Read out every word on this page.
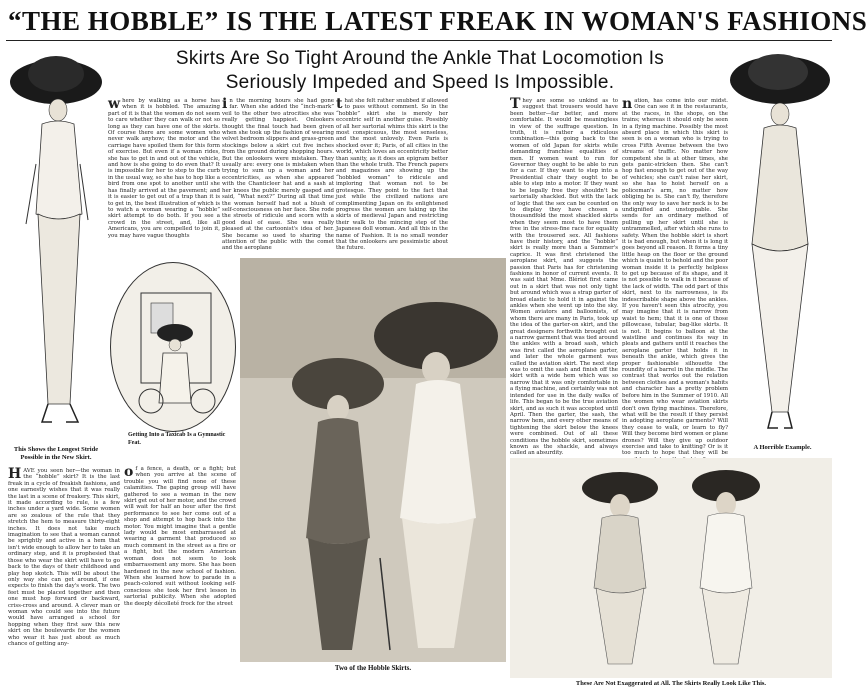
“THE HOBBLE” IS THE LATEST FREAK IN WOMAN'S FASHIONS
Skirts Are So Tight Around the Ankle That Locomotion Is
Seriously Impeded and Speed Is Impossible.
This Shows the Longest Stride Possible in the New Skirt.
A Horrible Example.

where by walking as a horse has when it is hobbled. The amazing part of it is that the women do not seem to care whether they can walk or not so long as they can have one of the skirts. Of course there are some women who never walk anyhow; the motor and the carriage have spoiled them for this form of exercise. But even if a woman rides, she has to get in and out of the vehicle, and how is she going to do even that? It is impossible for her to step to the curb in the usual way, so she has to hop like a bird from one spot to another until she has finally arrived at the pavement; and it is easier to get out of a trap than it is to get in, the best illustration of which is to watch a woman wearing a “hobble” skirt attempt to do both. If you see a crowd in the street, and, like all Americans, you are compelled to join it, you may have vague thoughts

in the morning hours she had gone far. When she added the “inch-mark” veil to the other two atrocities she was really getting happiest. Onlookers thought the final touch had been given when she took up the fashion of wearing velvet bedroom slippers and grass-green stockings below a skirt cut five inches from the ground during shopping hours. But the onlookers were mistaken. They usually are: every one is mistaken when trying to sum up a woman and her eccentricities, as when she appeared with the Chanticleer hat and a sash at her knees the public merely gasped and said, “What next?” During all that time the woman herself had not a blush of self-consciousness on her face. She rode the streets of ridicule and scorn with a good deal of ease. She was really pleased at the cartoonist's idea of her. She became so used to sharing the attention of the public with the comet and the aeroplane

that she felt rather snubbed if allowed to pass without comment. So in the “hobble” skirt she is merely her eccentric self in another guise. Possibly of all her sartorial whims this skirt is the most conspicuous, the most senseless, and the most unlovely. Even Paris is shocked over it; Paris, of all cities in the world, which loves an eccentricity better than sanity, as it does an epigram better than the whole truth. The French papers and magazines are showing up the “hobbled woman” to ridicule and imploring that woman not to be grotesque. They point to the fact that just while the civilized nations are complimenting Japan on its enlightened progress the women are taking up the skirts of medieval Japan and restricting their walk to the mincing step of the Japanese doll woman. And all this in the name of Fashion. It is no small wonder that the onlookers are pessimistic about the future.

They are some so unkind as to suggest that trousers would have been better—far better, and more comfortable. It would be meaningless in view of the suffrage question. In truth, it is rather a ridiculous combination—this going back to the women of old Japan for skirts while demanding franchise equalities of men. If women want to run for Governor they ought to be able to run for a car. If they want to step into a Presidential chair they ought to be able to step into a motor. If they want to be legally free they shouldn't be sartorially shackled. But with the lack of logic that the sex can be counted on to display they have chosen a thousandfold the most shackled skirts when they seem most to have them free in the stress-fine race for equality with the trousered sex. All fashions have their history, and the “hobble” skirt is really more than a Summer's caprice. It was first christened the aeroplane skirt, and suggests the passion that Paris has for christening fashions in honor of current events. It was said that Mme. Blériot first came out in a skirt that was not only tight but around which was a strap garter of broad elastic to hold it in against the ankles when she went up into the sky. Women aviators and balloonists, of whom there are many in Paris, took up the idea of the garter-on skirt, and the great designers forthwith brought out a narrow garment that was tied around the ankles with a broad sash, which was first called the aeroplane garter, and later the whole garment was called the aviation skirt. The next step was to omit the sash and finish off the skirt with a wide hem which was so narrow that it was only comfortable in a flying machine, and certainly was not intended for use in the daily walks of life. This began to be the true aviation skirt, and as such it was accepted until April. Then the garter, the sash, the narrow hem, and every other means of tightening the skirt below the knees were combined. Out of all these conditions the hobble skirt, sometimes known as the shackle, and always called an absurdity.

nation, has come into our midst. One can see it in the restaurants, at the races, in the shops, on the trains; whereas it should only be seen in a flying machine. Possibly the most absurd place in which this skirt is seen is on a woman who is trying to cross Fifth Avenue between the two streams of traffic. No matter how competent she is at other times, she gets panic-stricken then. She can't hop fast enough to get out of the way of vehicles; she can't raise her skirt, so she has to hoist herself on a policeman's arm, no matter how obliging he is. She can't fly, therefore the only way to save her neck is to be undignified and unstoppable. She sends for an ordinary method of pulling up her skirt until she is untrammelled, after which she runs to safety. When the hobble skirt is short it is bad enough, but when it is long it goes beyond all reason. It forms a tiny little heap on the floor or the ground which is quaint to behold and the poor woman inside it is perfectly helpless to get up because of its shape, and it is not possible to walk in it because of the lack of width. The odd part of this skirt, next to its narrowness, is its indescribable shape above the ankles. If you haven't seen this atrocity, you may imagine that it is narrow from waist to hem; that it is one of those pillowcase, tubular, bag-like skirts. It is not. It begins to balloon at the waistline and continues its way in pleats and gathers until it reaches the aeroplane garter that holds it in beneath the ankle, which gives the proper fashionable silhouette the roundity of a barrel in the middle. The contrast that works out the relation between clothes and a woman's habits and character has a pretty problem before him in the Summer of 1910. All the women who wear aviation skirts don't own flying machines. Therefore, what will be the result if they persist in adopting aeroplane garments? Will they cease to walk, or learn to fly? Will they become bird women or plane drones? Will they give up outdoor exercise and take to knitting? Or is it too much to hope that they will be

Getting Into a Taxicab Is a Gymnastic Feat.
Two of the Hobble Skirts.

HAVE you seen her—the woman in the “hobble” skirt? It is the last freak in a cycle of freakish fashions, and one earnestly wishes that it was really the last in a scene of freakery. This skirt, it made according to rule, is a few inches under a yard wide. Some women are so zealous of the rule that they stretch the hem to measure thirty-eight inches. It does not take much imagination to see that a woman cannot be sprightly and active in a hem that isn't wide enough to allow her to take an ordinary step, and it is prophesied that those who wear the skirt will have to go back to the days of their childhood and play hop skotch. This will be about the only way she can get around, if one expects to finish the day's work. The two feet must be placed together and then one must hop forward or backward, criss-cross and around. A clever man or woman who could see into the future would have arranged a school for hopping when they first saw this new skirt on the boulevards for the women who wear it has just about as much chance of getting any-

of a fence, a death, or a fight; but when you arrive at the scene of trouble you will find none of these calamities. The gaping group will have gathered to see a woman in the new skirt get out of her motor, and the crowd will wait for half an hour after the first performance to see her come out of a shop and attempt to hop back into the motor. You might imagine that a gentle lady would be most embarrassed at wearing a garment that produced so much comment in the street as a fire or a fight, but the modern American woman does not seem to look embarrassment any more. She has been hardened in the new school of fashion. When she learned how to parade in a peach-colored suit without looking self-conscious she took her first lesson in sartorial publicity. When she adopted the deeply décolleté frock for the street

These Are Not Exaggerated at All. The Skirts Really Look Like This.
